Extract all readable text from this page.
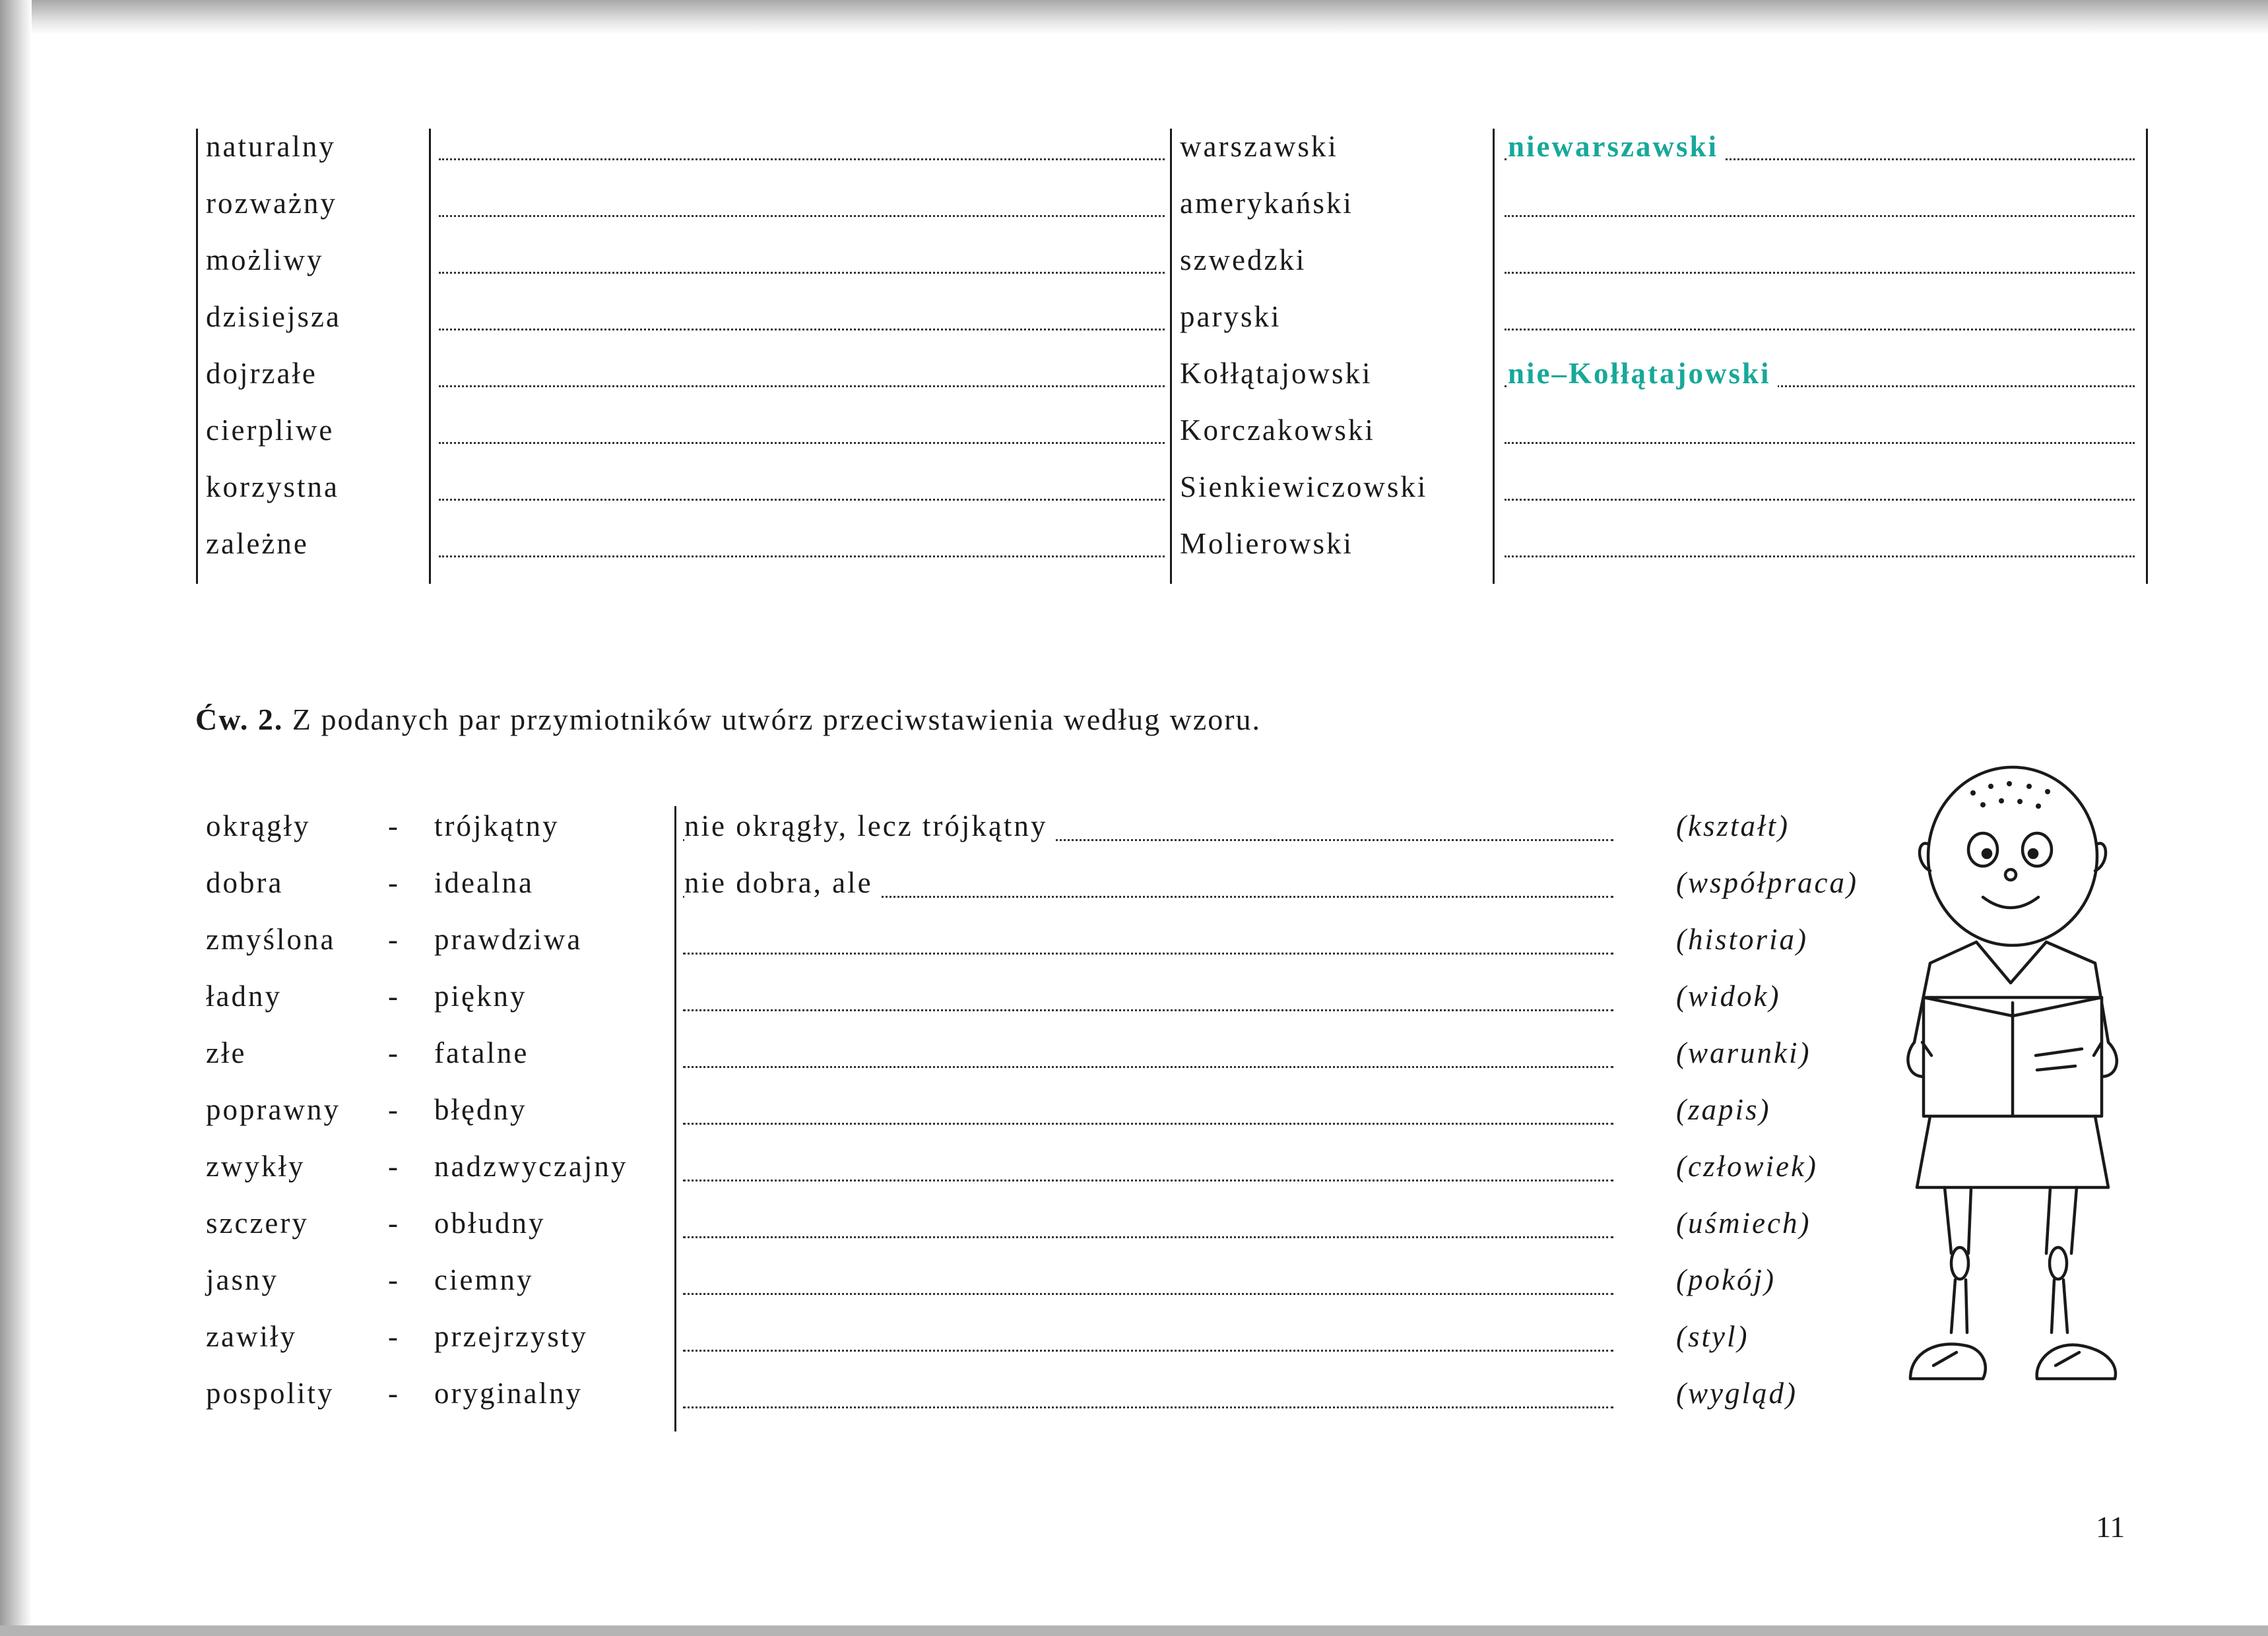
naturalny	warszawski	niewarszawski
rozważny	amerykański
możliwy	szwedzki
dzisiejsza	paryski
dojrzałe	Kołłątajowski	nie–Kołłątajowski
cierpliwe	Korczakowski
korzystna	Sienkiewiczowski
zależne	Molierowski
Ćw. 2. Z podanych par przymiotników utwórz przeciwstawienia według wzoru.
okrągły	- trójkątny	nie okrągły, lecz trójkątny	(kształt)
dobra	- idealna	nie dobra, ale	(współpraca)
zmyślona - prawdziwa	(historia)
ładny	- piękny	(widok)
złe	- fatalne	(warunki)
poprawny - błędny	(zapis)
zwykły	- nadzwyczajny	(człowiek)
szczery	- obłudny	(uśmiech)
jasny	- ciemny	(pokój)
zawiły	- przejrzysty	(styl)
pospolity - oryginalny	(wygląd)
11
